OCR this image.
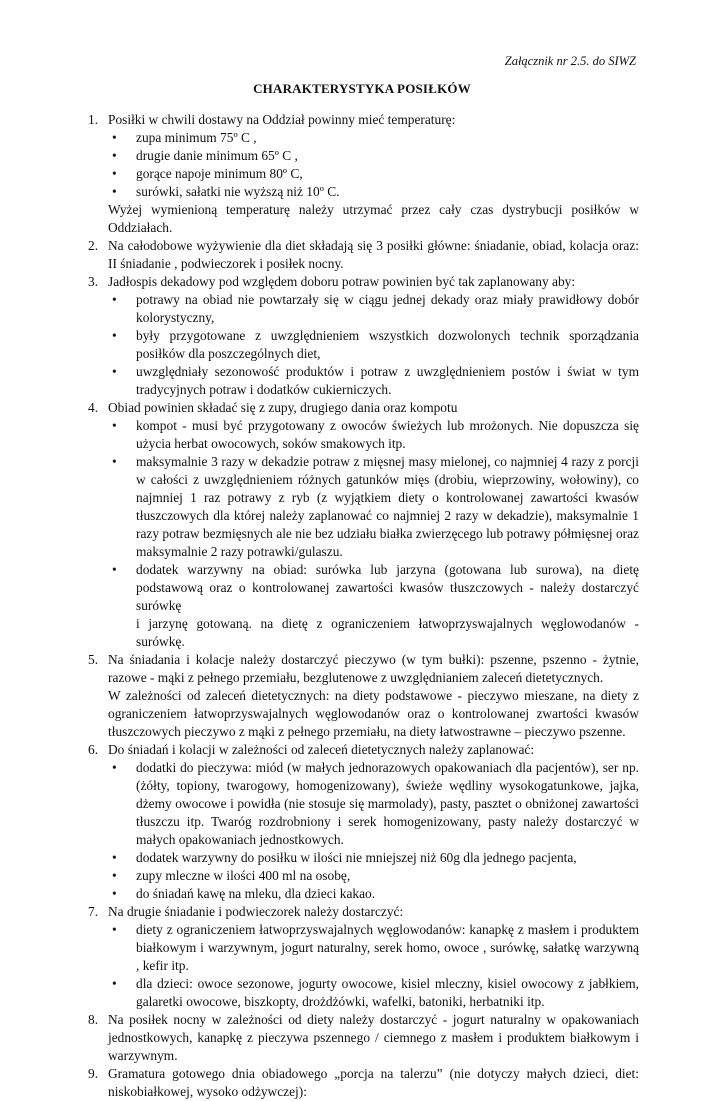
Załącznik nr 2.5. do SIWZ
CHARAKTERYSTYKA POSIŁKÓW
1. Posiłki w chwili dostawy na Oddział powinny mieć temperaturę:
• zupa minimum 75º C ,
• drugie danie minimum 65º C ,
• gorące napoje minimum 80º C,
• surówki, sałatki nie wyższą niż 10º C.
Wyżej wymienioną temperaturę należy utrzymać przez cały czas dystrybucji posiłków w Oddziałach.
2. Na całodobowe wyżywienie dla diet składają się 3 posiłki główne: śniadanie, obiad, kolacja oraz: II śniadanie , podwieczorek i posiłek nocny.
3. Jadłospis dekadowy pod względem doboru potraw powinien być tak zaplanowany aby:
• potrawy na obiad nie powtarzały się w ciągu jednej dekady oraz miały prawidłowy dobór kolorystyczny,
• były przygotowane z uwzględnieniem wszystkich dozwolonych technik sporządzania posiłków dla poszczególnych diet,
• uwzględniały sezonowość produktów i potraw z uwzględnieniem postów i świat w tym tradycyjnych potraw i dodatków cukierniczych.
4. Obiad powinien składać się z zupy, drugiego dania oraz kompotu
• kompot - musi być przygotowany z owoców świeżych lub mrożonych. Nie dopuszcza się użycia herbat owocowych, soków smakowych itp.
• maksymalnie 3 razy w dekadzie potraw z mięsnej masy mielonej, co najmniej 4 razy z porcji w całości z uwzględnieniem różnych gatunków mięs (drobiu, wieprzowiny, wołowiny), co najmniej 1 raz potrawy z ryb (z wyjątkiem diety o kontrolowanej zawartości kwasów tłuszczowych dla której należy zaplanować co najmniej 2 razy w dekadzie), maksymalnie 1 razy potraw bezmięsnych ale nie bez udziału białka zwierzęcego lub potrawy półmięsnej oraz maksymalnie 2 razy potrawki/gulaszu.
• dodatek warzywny na obiad: surówka lub jarzyna (gotowana lub surowa), na dietę podstawową oraz o kontrolowanej zawartości kwasów tłuszczowych - należy dostarczyć surówkę
i jarzynę gotowaną. na dietę z ograniczeniem łatwoprzyswajalnych węglowodanów - surówkę.
5. Na śniadania i kolacje należy dostarczyć pieczywo (w tym bułki): pszenne, pszenno - żytnie, razowe - mąki z pełnego przemiału, bezglutenowe z uwzględnianiem zaleceń dietetycznych.
W zależności od zaleceń dietetycznych: na diety podstawowe - pieczywo mieszane, na diety z ograniczeniem łatwoprzyswajalnych węglowodanów oraz o kontrolowanej zwartości kwasów tłuszczowych pieczywo z mąki z pełnego przemiału, na diety łatwostrawne – pieczywo pszenne.
6. Do śniadań i kolacji w zależności od zaleceń dietetycznych należy zaplanować:
• dodatki do pieczywa: miód (w małych jednorazowych opakowaniach dla pacjentów), ser np. (żółty, topiony, twarogowy, homogenizowany), świeże wędliny wysokogatunkowe, jajka, dżemy owocowe i powidła (nie stosuje się marmolady), pasty, pasztet o obniżonej zawartości tłuszczu itp. Twaróg rozdrobniony i serek homogenizowany, pasty należy dostarczyć w małych opakowaniach jednostkowych.
• dodatek warzywny do posiłku w ilości nie mniejszej niż 60g dla jednego pacjenta,
• zupy mleczne w ilości 400 ml na osobę,
• do śniadań kawę na mleku, dla dzieci kakao.
7. Na drugie śniadanie i podwieczorek należy dostarczyć:
• diety z ograniczeniem łatwoprzyswajalnych węglowodanów: kanapkę z masłem i produktem białkowym i warzywnym, jogurt naturalny, serek homo, owoce , surówkę, sałatkę warzywną , kefir itp.
• dla dzieci: owoce sezonowe, jogurty owocowe, kisiel mleczny, kisiel owocowy z jabłkiem, galaretki owocowe, biszkopty, drożdżówki, wafelki, batoniki, herbatniki itp.
8. Na posiłek nocny w zależności od diety należy dostarczyć - jogurt naturalny w opakowaniach jednostkowych, kanapkę z pieczywa pszennego / ciemnego z masłem i produktem białkowym i warzywnym.
9. Gramatura gotowego dnia obiadowego „porcja na talerzu” (nie dotyczy małych dzieci, diet: niskobiałkowej, wysoko odżywczej):
